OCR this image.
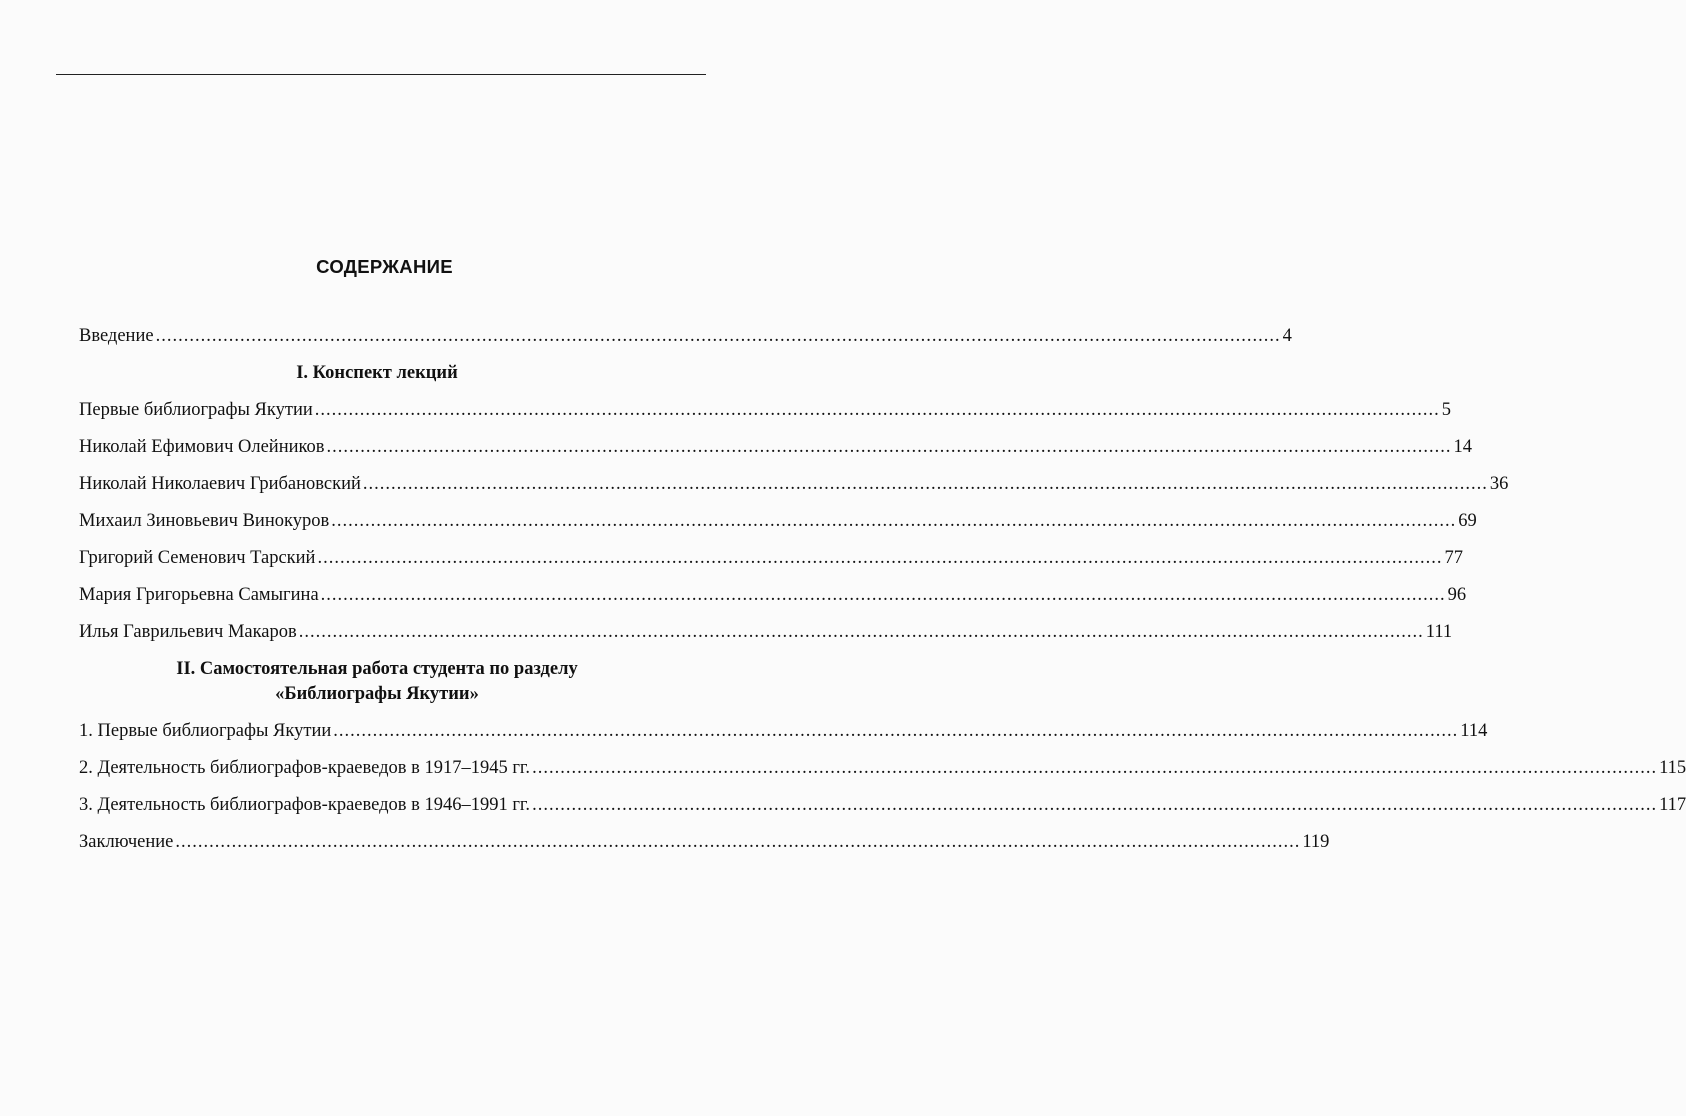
СОДЕРЖАНИЕ
Введение ........................................................................................................................................................................................................ 4
I. Конспект лекций
Первые библиографы Якутии ........................................................................................................................................................................................................ 5
Николай Ефимович Олейников ........................................................................................................................................................................................................ 14
Николай Николаевич Грибановский ........................................................................................................................................................................................................ 36
Михаил Зиновьевич Винокуров ........................................................................................................................................................................................................ 69
Григорий Семенович Тарский ........................................................................................................................................................................................................ 77
Мария Григорьевна Самыгина ........................................................................................................................................................................................................ 96
Илья Гаврильевич Макаров ........................................................................................................................................................................................................ 111
II. Самостоятельная работа студента по разделу
«Библиографы Якутии»
1. Первые библиографы Якутии ........................................................................................................................................................................................................ 114
2. Деятельность библиографов-краеведов в 1917–1945 гг. ........................................................................................................................................................................................................ 115
3. Деятельность библиографов-краеведов в 1946–1991 гг. ........................................................................................................................................................................................................ 117
Заключение ........................................................................................................................................................................................................ 119
